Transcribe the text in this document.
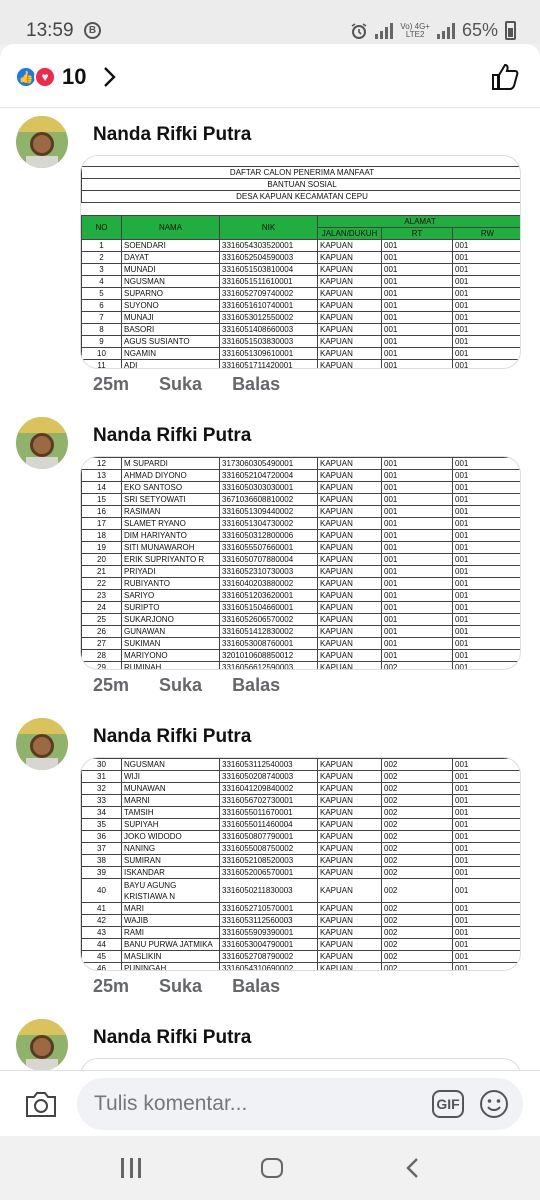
13:59	B	Vo) 4G+
LTE2	65%
👍 ♥ 10
Nanda Rifki Putra
DAFTAR CALON PENERIMA MANFAAT					
BANTUAN SOSIAL					
DESA KAPUAN KECAMATAN CEPU					

NO	NAMA	NIK	ALAMAT		
			JALAN/DUKUH	RT	RW
1	SOENDARI	3316054303520001	KAPUAN	001	001
2	DAYAT	3316052504590003	KAPUAN	001	001
3	MUNADI	3316051503810004	KAPUAN	001	001
4	NGUSMAN	3316051511610001	KAPUAN	001	001
5	SUPARNO	3316052709740002	KAPUAN	001	001
6	SUYONO	3316051610740001	KAPUAN	001	001
7	MUNAJI	3316053012550002	KAPUAN	001	001
8	BASORI	3316051408660003	KAPUAN	001	001
9	AGUS SUSIANTO	3316051503830003	KAPUAN	001	001
10	NGAMIN	3316051309610001	KAPUAN	001	001
11	ADI	3316051711420001	KAPUAN	001	001
25m Suka Balas
Nanda Rifki Putra
12	M SUPARDI	3173060305490001	KAPUAN	001	001
13	AHMAD DIYONO	3316052104720004	KAPUAN	001	001
14	EKO SANTOSO	3316050303030001	KAPUAN	001	001
15	SRI SETYOWATI	3671036608810002	KAPUAN	001	001
16	RASIMAN	3316051309440002	KAPUAN	001	001
17	SLAMET RYANO	3316051304730002	KAPUAN	001	001
18	DIM HARIYANTO	3316050312800006	KAPUAN	001	001
19	SITI MUNAWAROH	3316055507660001	KAPUAN	001	001
20	ERIK SUPRIYANTO R	3316050707880004	KAPUAN	001	001
21	PRIYADI	3316052310730003	KAPUAN	001	001
22	RUBIYANTO	3316040203880002	KAPUAN	001	001
23	SARIYO	3316051203620001	KAPUAN	001	001
24	SURIPTO	3316051504660001	KAPUAN	001	001
25	SUKARJONO	3316052606570002	KAPUAN	001	001
26	GUNAWAN	3316051412830002	KAPUAN	001	001
27	SUKIMAN	3316053008760001	KAPUAN	001	001
28	MARIYONO	3201010608850012	KAPUAN	001	001
29	RUMINAH	3316056612590003	KAPUAN	002	001
25m Suka Balas
Nanda Rifki Putra
30	NGUSMAN	3316053112540003	KAPUAN	002	001
31	WIJI	3316050208740003	KAPUAN	002	001
32	MUNAWAN	3316041209840002	KAPUAN	002	001
33	MARNI	3316056702730001	KAPUAN	002	001
34	TAMSIH	3316055011670001	KAPUAN	002	001
35	SUPIYAH	3316055011460004	KAPUAN	002	001
36	JOKO WIDODO	3316050807790001	KAPUAN	002	001
37	NANING	3316055008750002	KAPUAN	002	001
38	SUMIRAN	3316052108520003	KAPUAN	002	001
39	ISKANDAR	3316052006570001	KAPUAN	002	001
40	BAYU AGUNG KRISTIAWA N	3316050211830003	KAPUAN	002	001
41	MARI	3316052710570001	KAPUAN	002	001
42	WAJIB	3316053112560003	KAPUAN	002	001
43	RAMI	3316055909390001	KAPUAN	002	001
44	BANU PURWA JATMIKA	3316053004790001	KAPUAN	002	001
45	MASLIKIN	3316052708790002	KAPUAN	002	001
46	PUNINGAH	3316054310690002	KAPUAN	002	001
25m Suka Balas
Nanda Rifki Putra
Tulis komentar...	GIF
